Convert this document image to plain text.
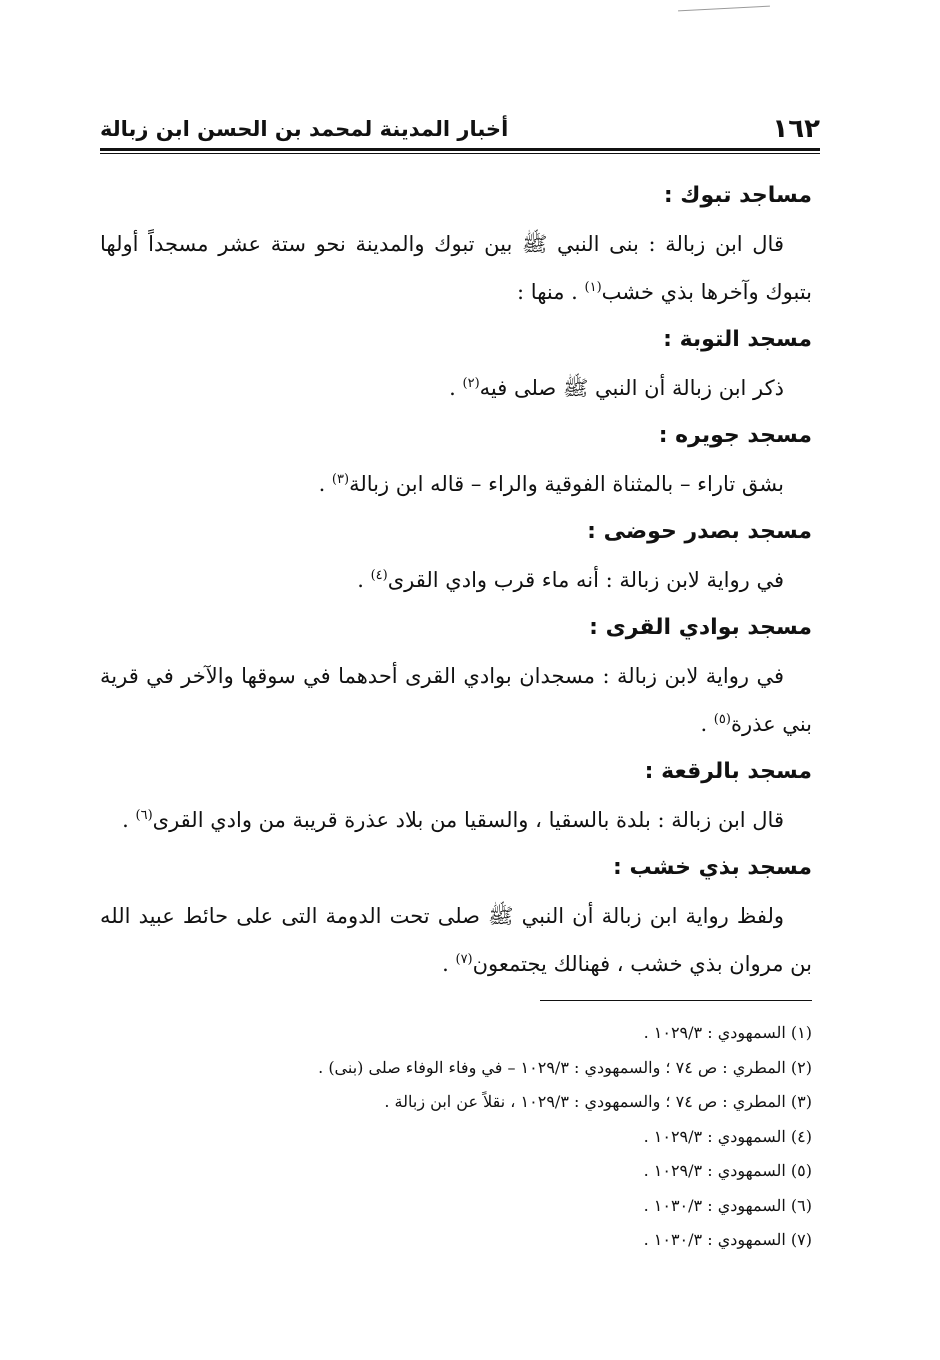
١٦٢
أخبار المدينة لمحمد بن الحسن ابن زبالة
مساجد تبوك :
قال ابن زبالة : بنى النبي ﷺ بين تبوك والمدينة نحو ستة عشر مسجداً أولها بتبوك وآخرها بذي خشب$^{(١)}$ . منها :
مسجد التوبة :
ذكر ابن زبالة أن النبي ﷺ صلى فيه$^{(٢)}$ .
مسجد جويره :
بشق تاراء – بالمثناة الفوقية والراء – قاله ابن زبالة$^{(٣)}$ .
مسجد بصدر حوضى :
في رواية لابن زبالة : أنه ماء قرب وادي القرى$^{(٤)}$ .
مسجد بوادي القرى :
في رواية لابن زبالة : مسجدان بوادي القرى أحدهما في سوقها والآخر في قرية بني عذرة$^{(٥)}$ .
مسجد بالرقعة :
قال ابن زبالة : بلدة بالسقيا ، والسقيا من بلاد عذرة قريبة من وادي القرى$^{(٦)}$ .
مسجد بذي خشب :
ولفظ رواية ابن زبالة أن النبي ﷺ صلى تحت الدومة التى على حائط عبيد الله بن مروان بذي خشب ، فهنالك يجتمعون$^{(٧)}$ .
(١) السمهودي : ١٠٢٩/٣ .
(٢) المطري : ص ٧٤ ؛ والسمهودي : ١٠٢٩/٣ – في وفاء الوفاء صلى (بنى) .
(٣) المطري : ص ٧٤ ؛ والسمهودي : ١٠٢٩/٣ ، نقلاً عن ابن زبالة .
(٤) السمهودي : ١٠٢٩/٣ .
(٥) السمهودي : ١٠٢٩/٣ .
(٦) السمهودي : ١٠٣٠/٣ .
(٧) السمهودي : ١٠٣٠/٣ .
